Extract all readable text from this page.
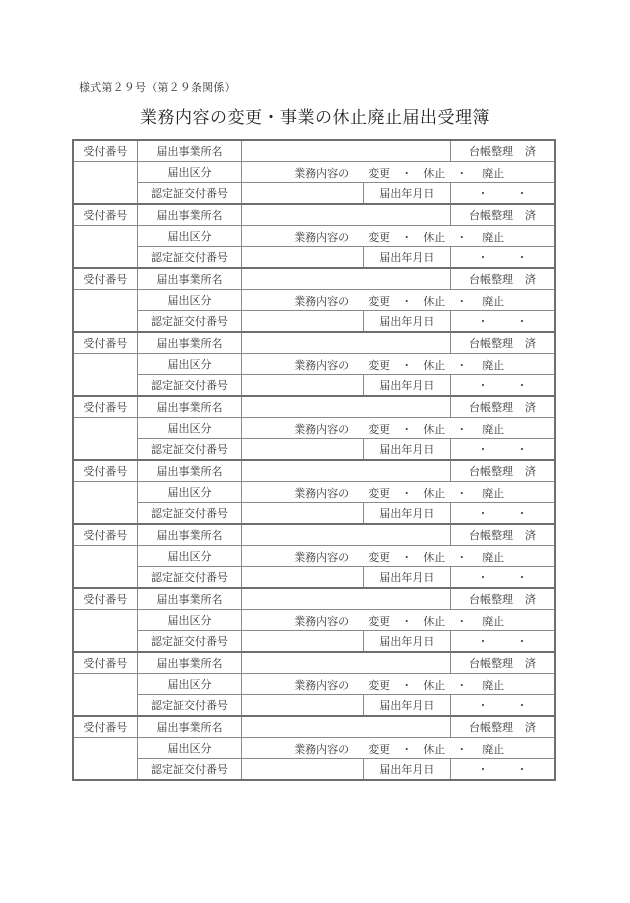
様式第２９号（第２９条関係）
業務内容の変更・事業の休止廃止届出受理簿
受付番号	届出事業所名			台帳整理 済
	届出区分	業務内容の 変更 ・ 休止 ・ 廃止

	認定証交付番号		届出年月日	・ ・
受付番号	届出事業所名			台帳整理 済
	届出区分	業務内容の 変更 ・ 休止 ・ 廃止

	認定証交付番号		届出年月日	・ ・
受付番号	届出事業所名			台帳整理 済
	届出区分	業務内容の 変更 ・ 休止 ・ 廃止

	認定証交付番号		届出年月日	・ ・
受付番号	届出事業所名			台帳整理 済
	届出区分	業務内容の 変更 ・ 休止 ・ 廃止

	認定証交付番号		届出年月日	・ ・
受付番号	届出事業所名			台帳整理 済
	届出区分	業務内容の 変更 ・ 休止 ・ 廃止

	認定証交付番号		届出年月日	・ ・
受付番号	届出事業所名			台帳整理 済
	届出区分	業務内容の 変更 ・ 休止 ・ 廃止

	認定証交付番号		届出年月日	・ ・
受付番号	届出事業所名			台帳整理 済
	届出区分	業務内容の 変更 ・ 休止 ・ 廃止

	認定証交付番号		届出年月日	・ ・
受付番号	届出事業所名			台帳整理 済
	届出区分	業務内容の 変更 ・ 休止 ・ 廃止

	認定証交付番号		届出年月日	・ ・
受付番号	届出事業所名			台帳整理 済
	届出区分	業務内容の 変更 ・ 休止 ・ 廃止

	認定証交付番号		届出年月日	・ ・
受付番号	届出事業所名			台帳整理 済
	届出区分	業務内容の 変更 ・ 休止 ・ 廃止

	認定証交付番号		届出年月日	・ ・
